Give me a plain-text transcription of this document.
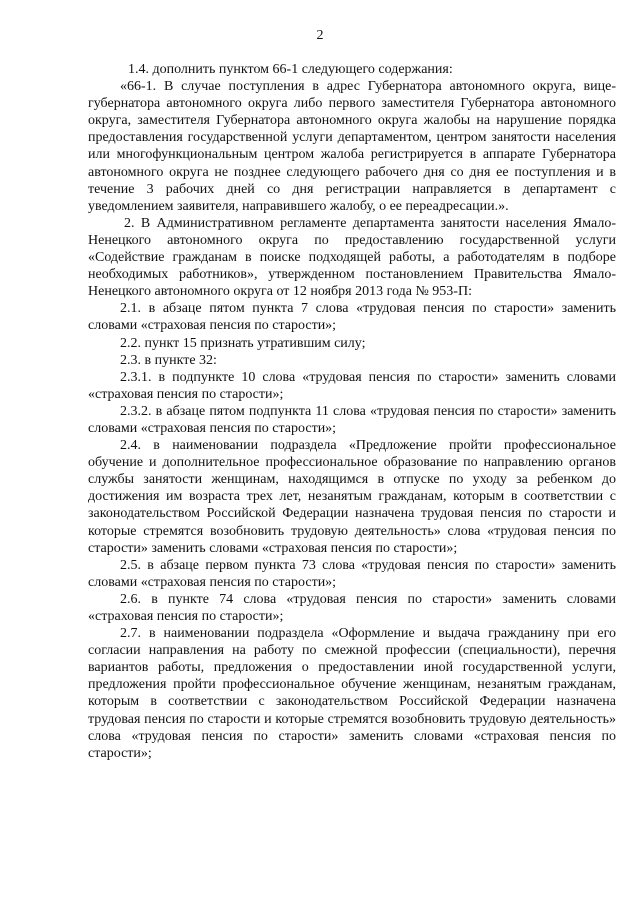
2

1.4. дополнить пунктом 66-1 следующего содержания:

«66-1. В случае поступления в адрес Губернатора автономного округа, вице-губернатора автономного округа либо первого заместителя Губернатора автономного округа, заместителя Губернатора автономного округа жалобы на нарушение порядка предоставления государственной услуги департаментом, центром занятости населения или многофункциональным центром жалоба регистрируется в аппарате Губернатора автономного округа не позднее следующего рабочего дня со дня ее поступления и в течение 3 рабочих дней со дня регистрации направляется в департамент с уведомлением заявителя, направившего жалобу, о ее переадресации.».

2. В Административном регламенте департамента занятости населения Ямало-Ненецкого автономного округа по предоставлению государственной услуги «Содействие гражданам в поиске подходящей работы, а работодателям в подборе необходимых работников», утвержденном постановлением Правительства Ямало-Ненецкого автономного округа от 12 ноября 2013 года № 953-П:

2.1. в абзаце пятом пункта 7 слова «трудовая пенсия по старости» заменить словами «страховая пенсия по старости»;

2.2. пункт 15 признать утратившим силу;

2.3. в пункте 32:

2.3.1. в подпункте 10 слова «трудовая пенсия по старости» заменить словами «страховая пенсия по старости»;

2.3.2. в абзаце пятом подпункта 11 слова «трудовая пенсия по старости» заменить словами «страховая пенсия по старости»;

2.4. в наименовании подраздела «Предложение пройти профессиональное обучение и дополнительное профессиональное образование по направлению органов службы занятости женщинам, находящимся в отпуске по уходу за ребенком до достижения им возраста трех лет, незанятым гражданам, которым в соответствии с законодательством Российской Федерации назначена трудовая пенсия по старости и которые стремятся возобновить трудовую деятельность» слова «трудовая пенсия по старости» заменить словами «страховая пенсия по старости»;

2.5. в абзаце первом пункта 73 слова «трудовая пенсия по старости» заменить словами «страховая пенсия по старости»;

2.6. в пункте 74 слова «трудовая пенсия по старости» заменить словами «страховая пенсия по старости»;

2.7. в наименовании подраздела «Оформление и выдача гражданину при его согласии направления на работу по смежной профессии (специальности), перечня вариантов работы, предложения о предоставлении иной государственной услуги, предложения пройти профессиональное обучение женщинам, незанятым гражданам, которым в соответствии с законодательством Российской Федерации назначена трудовая пенсия по старости и которые стремятся возобновить трудовую деятельность» слова «трудовая пенсия по старости» заменить словами «страховая пенсия по старости»;
